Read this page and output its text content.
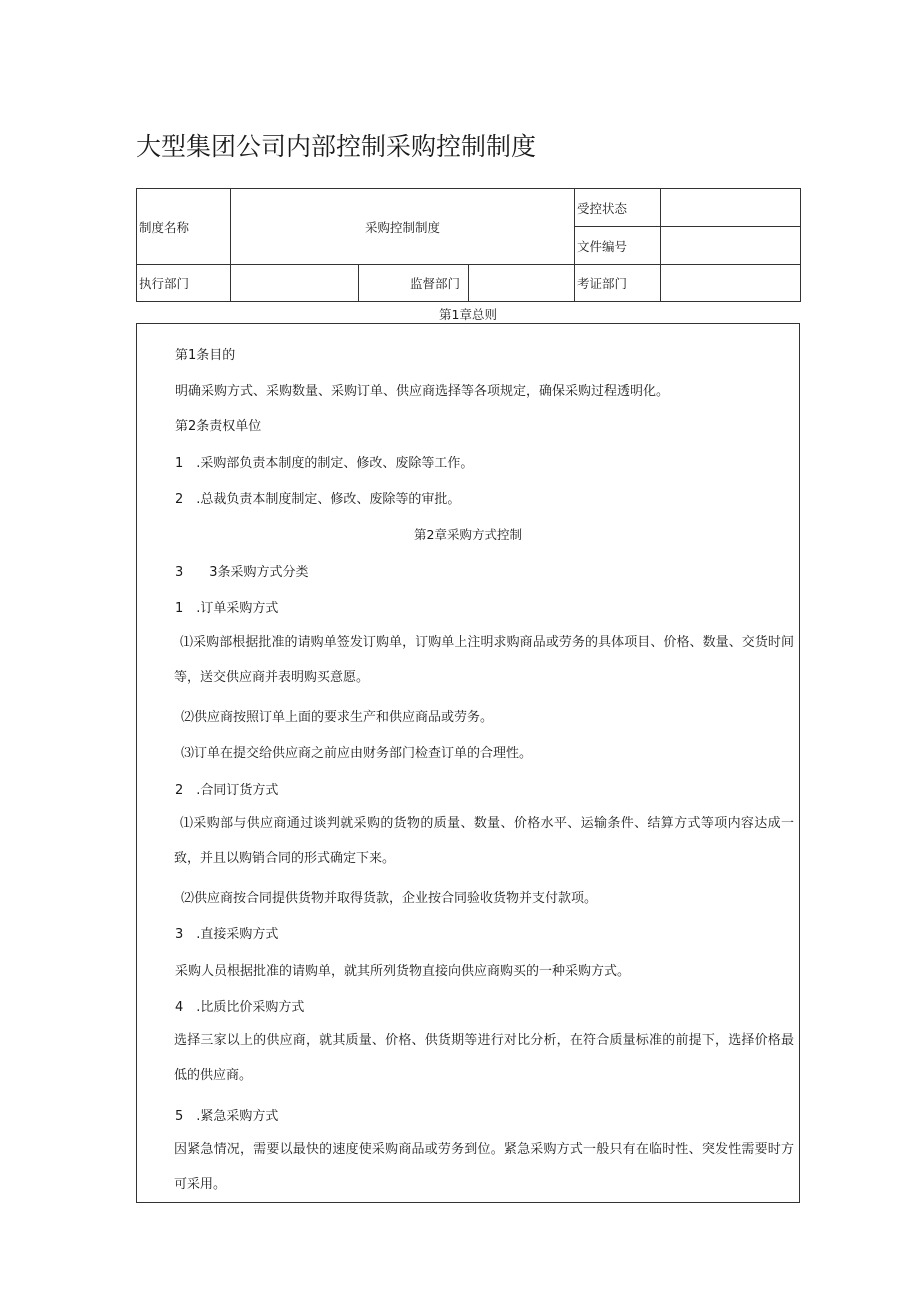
大型集团公司内部控制采购控制制度
制度名称	采购控制制度			受控状态	
				文件编号	
执行部门		监督部门		考证部门	
第1章总则
第1条目的
明确采购方式、采购数量、采购订单、供应商选择等各项规定，确保采购过程透明化。
第2条责权单位
1　.采购部负责本制度的制定、修改、废除等工作。
2　.总裁负责本制度制定、修改、废除等的审批。
第2章采购方式控制
3　　3条采购方式分类
1　.订单采购方式
⑴采购部根据批准的请购单签发订购单，订购单上注明求购商品或劳务的具体项目、价格、数量、交货时间等，送交供应商并表明购买意愿。
⑵供应商按照订单上面的要求生产和供应商品或劳务。
⑶订单在提交给供应商之前应由财务部门检查订单的合理性。
2　.合同订货方式
⑴采购部与供应商通过谈判就采购的货物的质量、数量、价格水平、运输条件、结算方式等项内容达成一致，并且以购销合同的形式确定下来。
⑵供应商按合同提供货物并取得货款，企业按合同验收货物并支付款项。
3　.直接采购方式
采购人员根据批准的请购单，就其所列货物直接向供应商购买的一种采购方式。
4　.比质比价采购方式
选择三家以上的供应商，就其质量、价格、供货期等进行对比分析，在符合质量标准的前提下，选择价格最低的供应商。
5　.紧急采购方式
因紧急情况，需要以最快的速度使采购商品或劳务到位。紧急采购方式一般只有在临时性、突发性需要时方可采用。
